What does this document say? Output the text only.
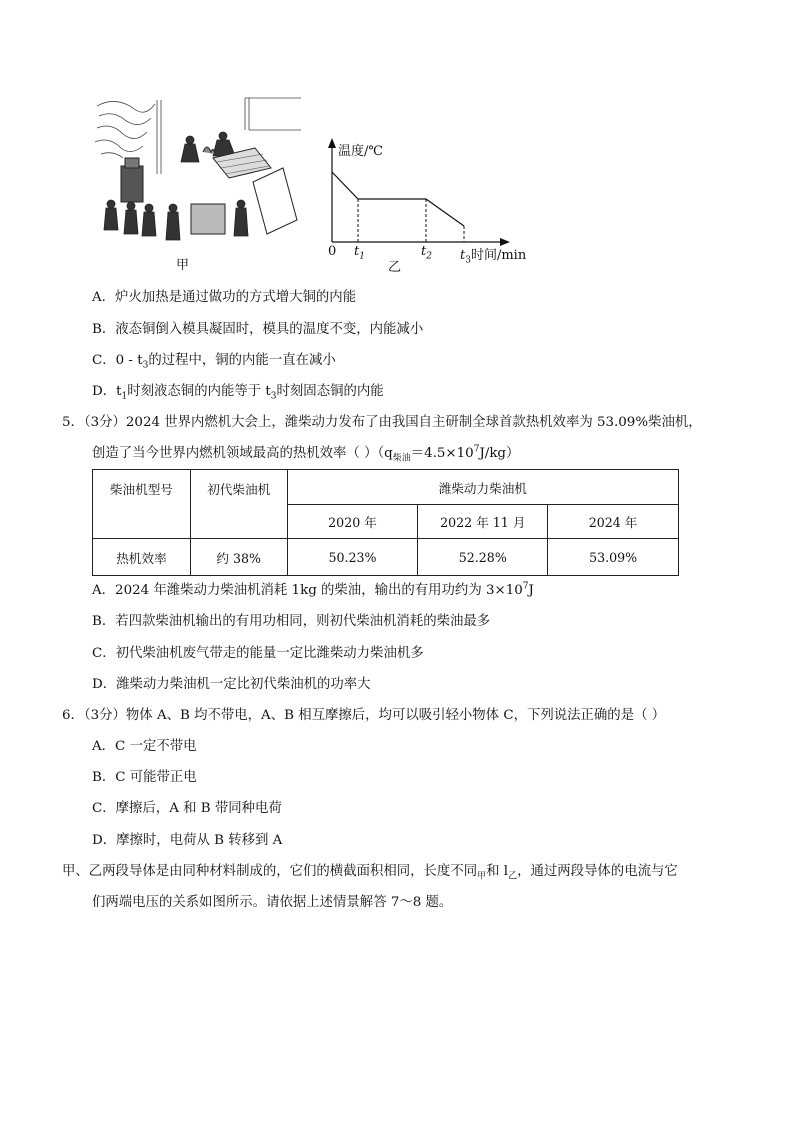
甲
温度/℃
0 $t_1$	$t_2$ $t_3$时间/min
乙
A．炉火加热是通过做功的方式增大铜的内能
B．液态铜倒入模具凝固时，模具的温度不变，内能减小
C．$0 - t_3$的过程中，铜的内能一直在减小
D．$t_1$时刻液态铜的内能等于 $t_3$时刻固态铜的内能
5．（3分）2024 世界内燃机大会上，潍柴动力发布了由我国自主研制全球首款热机效率为 53.09%柴油机，
创造了当今世界内燃机领域最高的热机效率（ ）$(q_{柴油}=4.5\times 10^7J/kg)$
柴油机型号	初代柴油机	潍柴动力柴油机		
		2020 年	2022 年 11 月	2024 年
热机效率	约 38%	50.23%	52.28%	53.09%
A．2024 年潍柴动力柴油机消耗 1kg 的柴油，输出的有用功约为 $3\times 10^7J$
B．若四款柴油机输出的有用功相同，则初代柴油机消耗的柴油最多
C．初代柴油机废气带走的能量一定比潍柴动力柴油机多
D．潍柴动力柴油机一定比初代柴油机的功率大
6．（3分）物体 A、B 均不带电，A、B 相互摩擦后，均可以吸引轻小物体 C，下列说法正确的是（ ）
A．C 一定不带电
B．C 可能带正电
C．摩擦后，A 和 B 带同种电荷
D．摩擦时，电荷从 B 转移到 A
甲、乙两段导体是由同种材料制成的，它们的横截面积相同，长度不同$_甲$和 $l_乙$，通过两段导体的电流与它
们两端电压的关系如图所示。请依据上述情景解答 7～8 题。
